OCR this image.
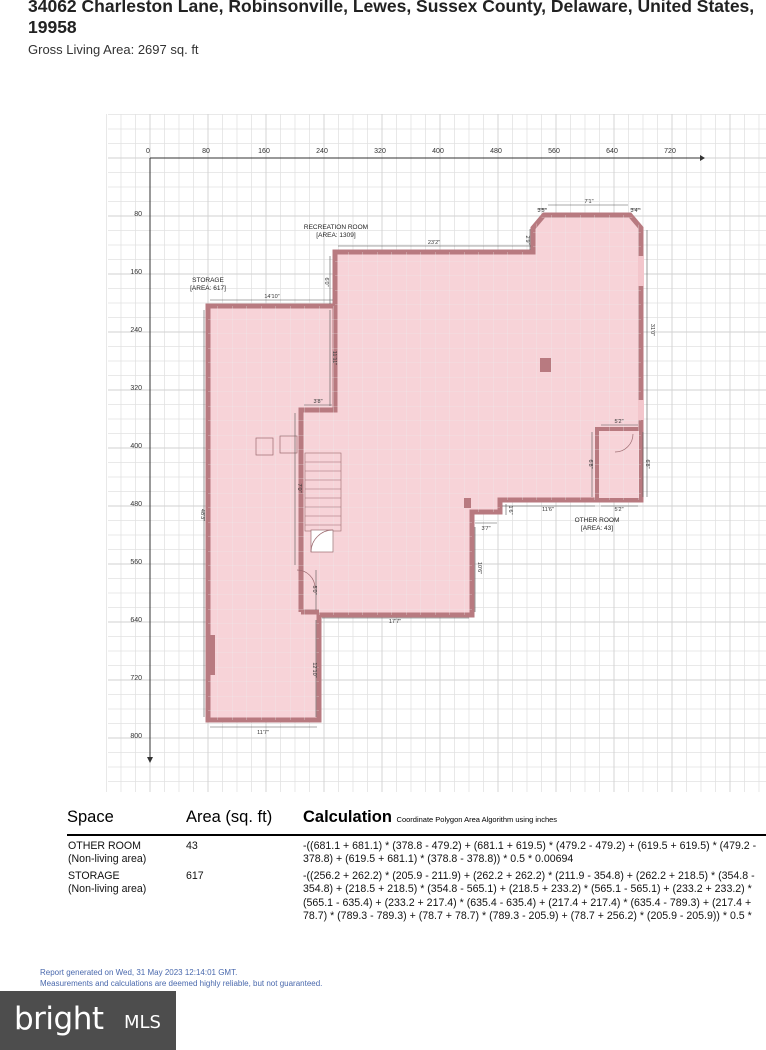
34062 Charleston Lane, Robinsonville, Lewes, Sussex County, Delaware, United States, 19958
Gross Living Area: 2697 sq. ft
0	80	160	240	320	400	480	560	640	720
80
160
240
320
400
480
560
640
720
800
RECREATION ROOM
[AREA: 1309]
STORAGE
[AREA: 617]
OTHER ROOM
[AREA: 43]
23'2"
14'10"
6'0"
2'9"
3'5"
7'1"
3'4"
31'0"
11'11"
3'8"
5'2"
6'8"	6'8"
11'6"	5'2"
3'7"
1'6"
10'6"
17'7"
7'0"
5'0"
48'3"
12'10"
11'7"
Space	Area (sq. ft) Calculation Coordinate Polygon Area Algorithm using inches
OTHER ROOM
(Non-living area)
43	-((681.1 + 681.1) * (378.8 - 479.2) + (681.1 + 619.5) * (479.2 - 479.2) + (619.5 + 619.5) * (479.2 - 378.8) + (619.5 + 681.1) * (378.8 - 378.8)) * 0.5 * 0.00694
STORAGE
(Non-living area)
617	-((256.2 + 262.2) * (205.9 - 211.9) + (262.2 + 262.2) * (211.9 - 354.8) + (262.2 + 218.5) * (354.8 - 354.8) + (218.5 + 218.5) * (354.8 - 565.1) + (218.5 + 233.2) * (565.1 - 565.1) + (233.2 + 233.2) * (565.1 - 635.4) + (233.2 + 217.4) * (635.4 - 635.4) + (217.4 + 217.4) * (635.4 - 789.3) + (217.4 + 78.7) * (789.3 - 789.3) + (78.7 + 78.7) * (789.3 - 205.9) + (78.7 + 256.2) * (205.9 - 205.9)) * 0.5 *
Report generated on Wed, 31 May 2023 12:14:01 GMT.
Measurements and calculations are deemed highly reliable, but not guaranteed.
bright MLS
